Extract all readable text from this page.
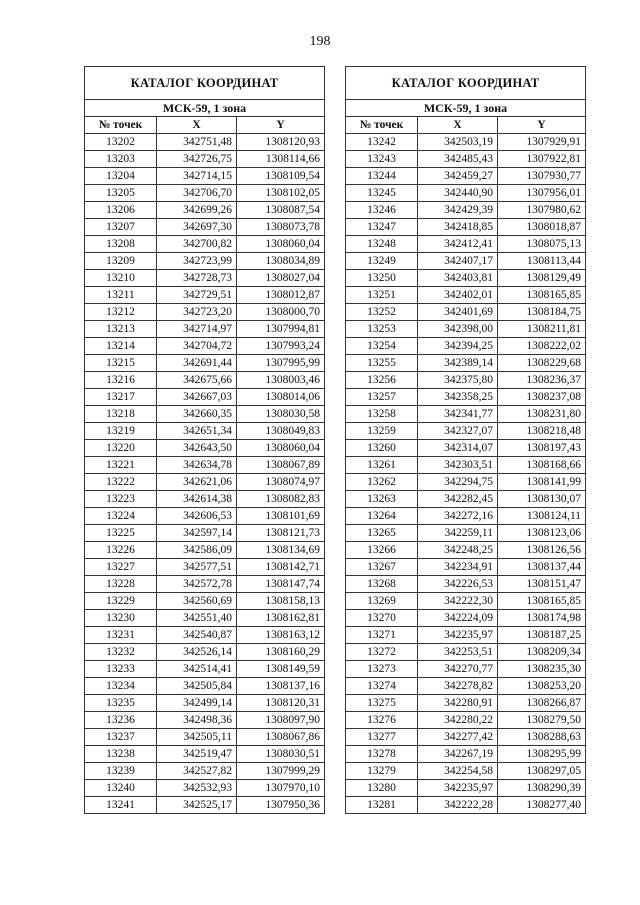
198
КАТАЛОГ КООРДИНАТ		
МСК-59, 1 зона		
№ точек	X	Y
13202	342751,48	1308120,93
13203	342726,75	1308114,66
13204	342714,15	1308109,54
13205	342706,70	1308102,05
13206	342699,26	1308087,54
13207	342697,30	1308073,78
13208	342700,82	1308060,04
13209	342723,99	1308034,89
13210	342728,73	1308027,04
13211	342729,51	1308012,87
13212	342723,20	1308000,70
13213	342714,97	1307994,81
13214	342704,72	1307993,24
13215	342691,44	1307995,99
13216	342675,66	1308003,46
13217	342667,03	1308014,06
13218	342660,35	1308030,58
13219	342651,34	1308049,83
13220	342643,50	1308060,04
13221	342634,78	1308067,89
13222	342621,06	1308074,97
13223	342614,38	1308082,83
13224	342606,53	1308101,69
13225	342597,14	1308121,73
13226	342586,09	1308134,69
13227	342577,51	1308142,71
13228	342572,78	1308147,74
13229	342560,69	1308158,13
13230	342551,40	1308162,81
13231	342540,87	1308163,12
13232	342526,14	1308160,29
13233	342514,41	1308149,59
13234	342505,84	1308137,16
13235	342499,14	1308120,31
13236	342498,36	1308097,90
13237	342505,11	1308067,86
13238	342519,47	1308030,51
13239	342527,82	1307999,29
13240	342532,93	1307970,10
13241	342525,17	1307950,36
КАТАЛОГ КООРДИНАТ		
МСК-59, 1 зона		
№ точек	X	Y
13242	342503,19	1307929,91
13243	342485,43	1307922,81
13244	342459,27	1307930,77
13245	342440,90	1307956,01
13246	342429,39	1307980,62
13247	342418,85	1308018,87
13248	342412,41	1308075,13
13249	342407,17	1308113,44
13250	342403,81	1308129,49
13251	342402,01	1308165,85
13252	342401,69	1308184,75
13253	342398,00	1308211,81
13254	342394,25	1308222,02
13255	342389,14	1308229,68
13256	342375,80	1308236,37
13257	342358,25	1308237,08
13258	342341,77	1308231,80
13259	342327,07	1308218,48
13260	342314,07	1308197,43
13261	342303,51	1308168,66
13262	342294,75	1308141,99
13263	342282,45	1308130,07
13264	342272,16	1308124,11
13265	342259,11	1308123,06
13266	342248,25	1308126,56
13267	342234,91	1308137,44
13268	342226,53	1308151,47
13269	342222,30	1308165,85
13270	342224,09	1308174,98
13271	342235,97	1308187,25
13272	342253,51	1308209,34
13273	342270,77	1308235,30
13274	342278,82	1308253,20
13275	342280,91	1308266,87
13276	342280,22	1308279,50
13277	342277,42	1308288,63
13278	342267,19	1308295,99
13279	342254,58	1308297,05
13280	342235,97	1308290,39
13281	342222,28	1308277,40
